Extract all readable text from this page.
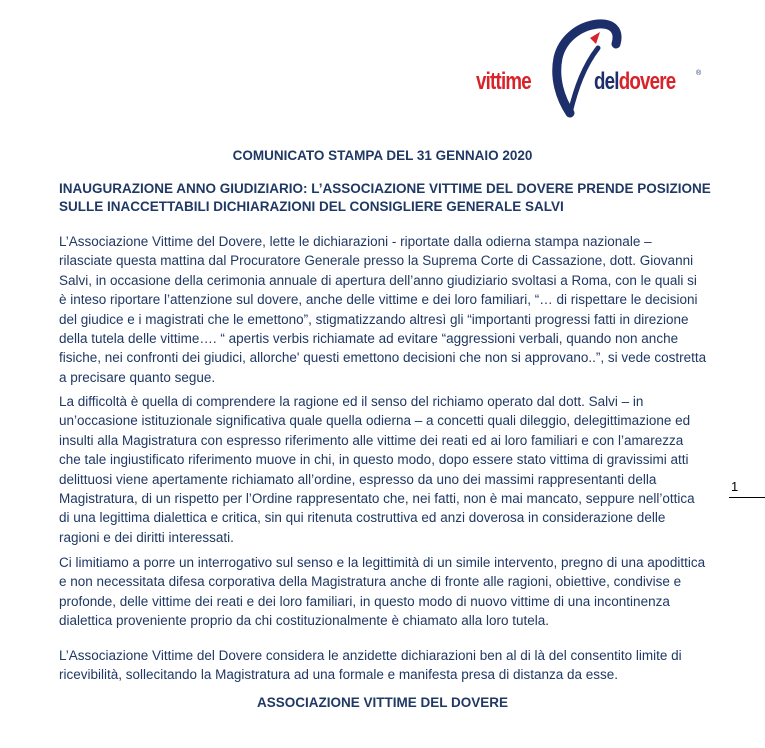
vittime	deldovere	®
COMUNICATO STAMPA DEL 31 GENNAIO 2020
INAUGURAZIONE ANNO GIUDIZIARIO: L’ASSOCIAZIONE VITTIME DEL DOVERE PRENDE POSIZIONE SULLE INACCETTABILI DICHIARAZIONI DEL CONSIGLIERE GENERALE SALVI

L’Associazione Vittime del Dovere, lette le dichiarazioni - riportate dalla odierna stampa nazionale – rilasciate questa mattina dal Procuratore Generale presso la Suprema Corte di Cassazione, dott. Giovanni Salvi, in occasione della cerimonia annuale di apertura dell’anno giudiziario svoltasi a Roma, con le quali si è inteso riportare l’attenzione sul dovere, anche delle vittime e dei loro familiari, “… di rispettare le decisioni del giudice e i magistrati che le emettono”, stigmatizzando altresì gli “importanti progressi fatti in direzione della tutela delle vittime…. “ apertis verbis richiamate ad evitare “aggressioni verbali, quando non anche fisiche, nei confronti dei giudici, allorche' questi emettono decisioni che non si approvano..”, si vede costretta a precisare quanto segue.

La difficoltà è quella di comprendere la ragione ed il senso del richiamo operato dal dott. Salvi – in un’occasione istituzionale significativa quale quella odierna – a concetti quali dileggio, delegittimazione ed insulti alla Magistratura con espresso riferimento alle vittime dei reati ed ai loro familiari e con l’amarezza che tale ingiustificato riferimento muove in chi, in questo modo, dopo essere stato vittima di gravissimi atti delittuosi viene apertamente richiamato all’ordine, espresso da uno dei massimi rappresentanti della Magistratura, di un rispetto per l’Ordine rappresentato che, nei fatti, non è mai mancato, seppure nell’ottica di una legittima dialettica e critica, sin qui ritenuta costruttiva ed anzi doverosa in considerazione delle ragioni e dei diritti interessati.

Ci limitiamo a porre un interrogativo sul senso e la legittimità di un simile intervento, pregno di una apodittica e non necessitata difesa corporativa della Magistratura anche di fronte alle ragioni, obiettive, condivise e profonde, delle vittime dei reati e dei loro familiari, in questo modo di nuovo vittime di una incontinenza dialettica proveniente proprio da chi costituzionalmente è chiamato alla loro tutela.

L’Associazione Vittime del Dovere considera le anzidette dichiarazioni ben al di là del consentito limite di ricevibilità, sollecitando la Magistratura ad una formale e manifesta presa di distanza da esse.

ASSOCIAZIONE VITTIME DEL DOVERE
1
